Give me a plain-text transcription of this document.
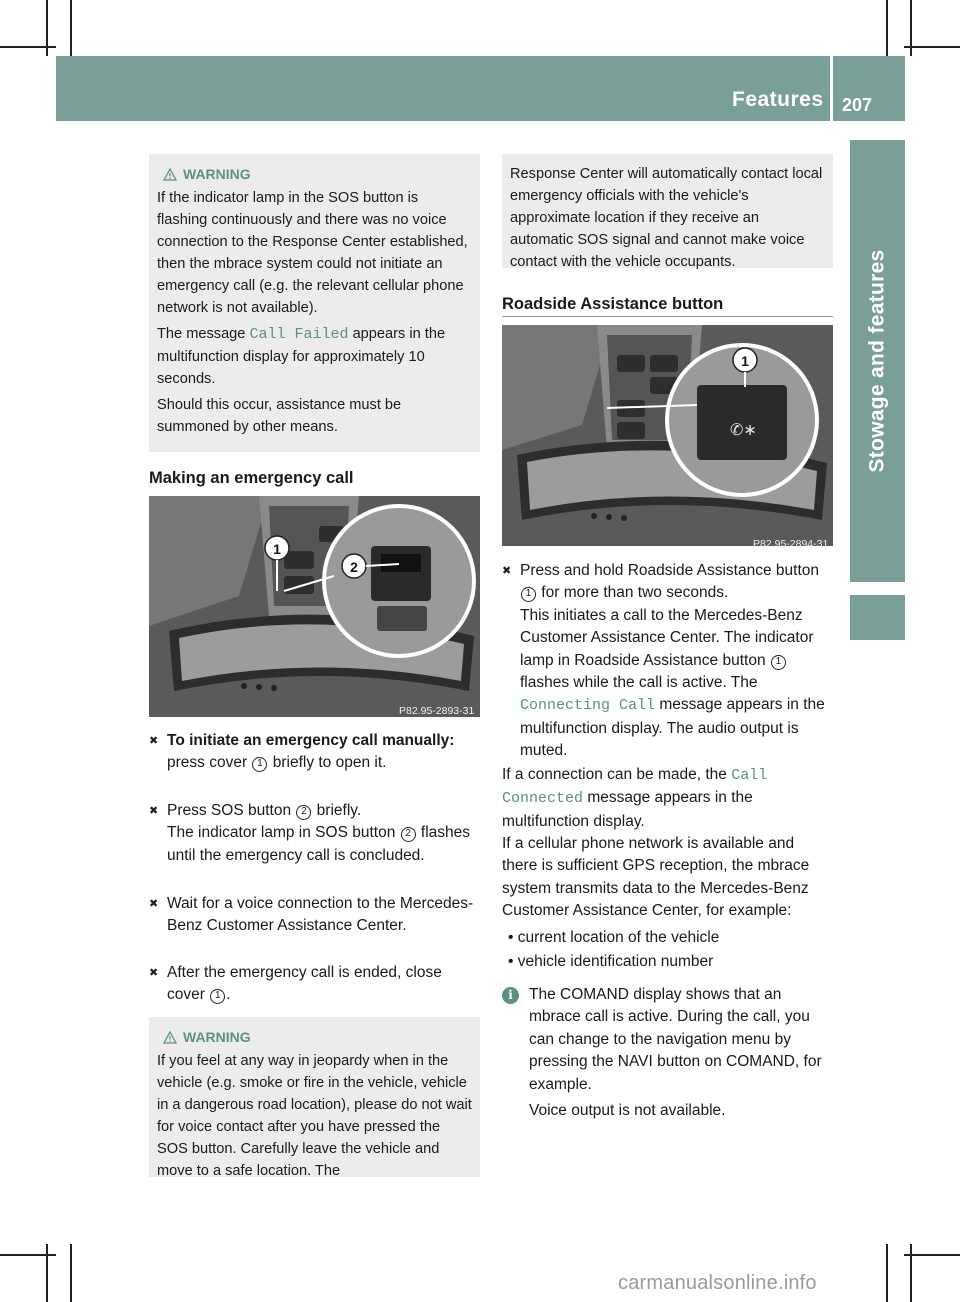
Features 207
Stowage and features
WARNING

If the indicator lamp in the SOS button is flashing continuously and there was no voice connection to the Response Center established, then the mbrace system could not initiate an emergency call (e.g. the relevant cellular phone network is not available).

The message Call Failed appears in the multifunction display for approximately 10 seconds.

Should this occur, assistance must be summoned by other means.

Making an emergency call
1
2
P82.95-2893-31
✖ To initiate an emergency call manually: press cover 1 briefly to open it.
✖ Press SOS button 2 briefly.
The indicator lamp in SOS button 2 flashes until the emergency call is concluded.
✖ Wait for a voice connection to the Mercedes-Benz Customer Assistance Center.
✖ After the emergency call is ended, close cover 1 .
WARNING

If you feel at any way in jeopardy when in the vehicle (e.g. smoke or fire in the vehicle, vehicle in a dangerous road location), please do not wait for voice contact after you have pressed the SOS button. Carefully leave the vehicle and move to a safe location. The

Response Center will automatically contact local emergency officials with the vehicle's approximate location if they receive an automatic SOS signal and cannot make voice contact with the vehicle occupants.

Roadside Assistance button
✆∗
1
P82.95-2894-31
✖ Press and hold Roadside Assistance button 1 for more than two seconds.
This initiates a call to the Mercedes-Benz Customer Assistance Center. The indicator lamp in Roadside Assistance button 1 flashes while the call is active. The Connecting Call message appears in the multifunction display. The audio output is muted.
If a connection can be made, the Call Connected message appears in the multifunction display.
If a cellular phone network is available and there is sufficient GPS reception, the mbrace system transmits data to the Mercedes-Benz Customer Assistance Center, for example:
• current location of the vehicle
• vehicle identification number
i	The COMAND display shows that an mbrace call is active. During the call, you can change to the navigation menu by pressing the NAVI button on COMAND, for example.
Voice output is not available.
carmanualsonline.info
